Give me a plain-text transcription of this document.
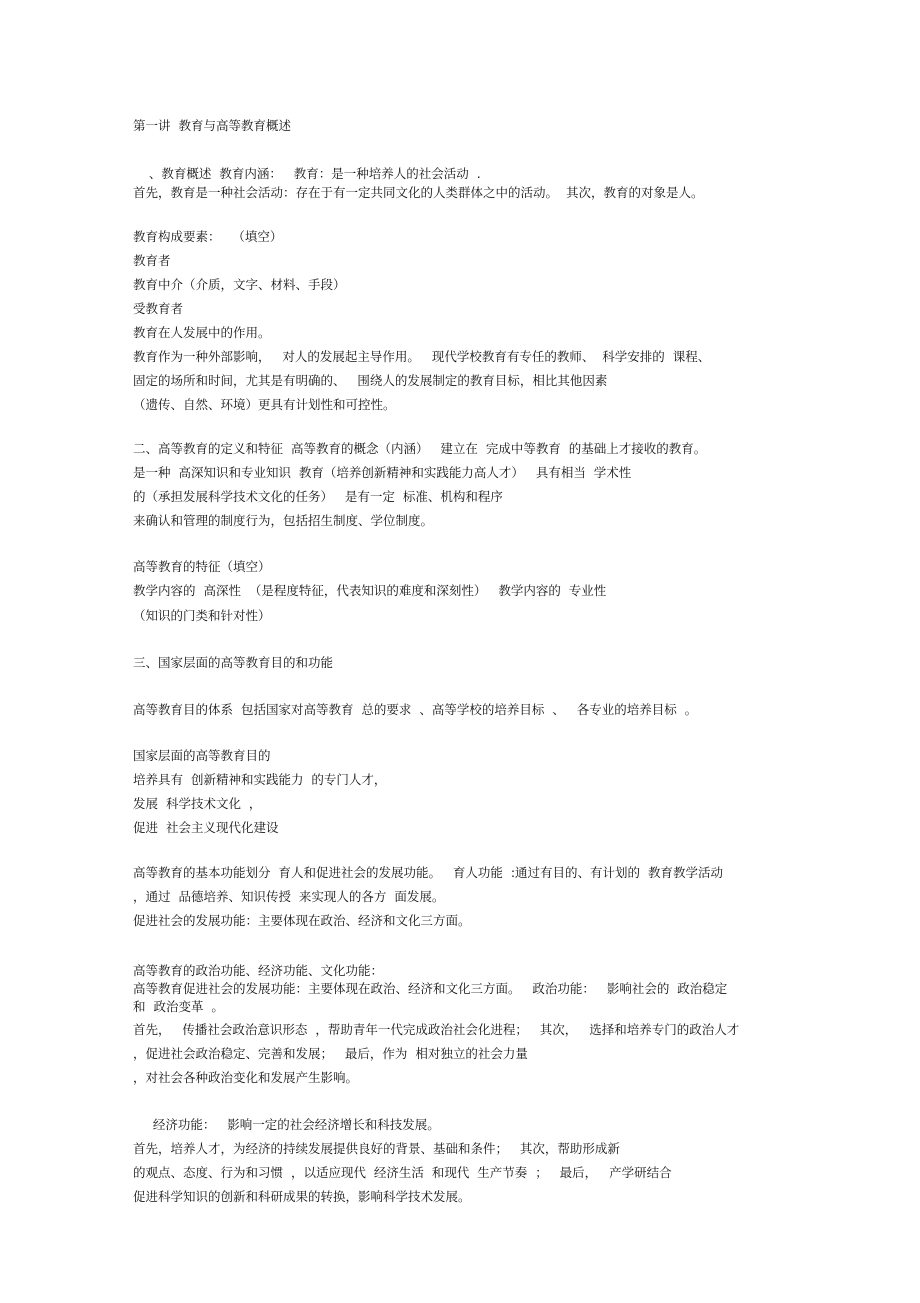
第一讲  教育与高等教育概述
、教育概述  教育内涵：   教育：是一种培养人的社会活动  .
首先，教育是一种社会活动：存在于有一定共同文化的人类群体之中的活动。  其次，教育的对象是人。
教育构成要素：   （填空）
教育者
教育中介（介质，文字、材料、手段）
受教育者
教育在人发展中的作用。
教育作为一种外部影响，   对人的发展起主导作用。   现代学校教育有专任的教师、  科学安排的  课程、
固定的场所和时间，尤其是有明确的、   围绕人的发展制定的教育目标，相比其他因素
（遗传、自然、环境）更具有计划性和可控性。
二、高等教育的定义和特征  高等教育的概念（内涵）   建立在  完成中等教育  的基础上才接收的教育。
是一种  高深知识和专业知识  教育（培养创新精神和实践能力高人才）   具有相当  学术性
的（承担发展科学技术文化的任务）   是有一定  标准、机构和程序
来确认和管理的制度行为，包括招生制度、学位制度。
高等教育的特征（填空）
教学内容的  高深性  （是程度特征，代表知识的难度和深刻性）   教学内容的  专业性
（知识的门类和针对性）
三、国家层面的高等教育目的和功能
高等教育目的体系  包括国家对高等教育  总的要求  、高等学校的培养目标  、   各专业的培养目标  。
国家层面的高等教育目的
培养具有  创新精神和实践能力  的专门人才，
发展  科学技术文化  ，
促进  社会主义现代化建设
高等教育的基本功能划分  育人和促进社会的发展功能。   育人功能  :通过有目的、有计划的  教育教学活动
，通过  品德培养、知识传授  来实现人的各方  面发展。
促进社会的发展功能：主要体现在政治、经济和文化三方面。
高等教育的政治功能、经济功能、文化功能：
高等教育促进社会的发展功能：主要体现在政治、经济和文化三方面。   政治功能：   影响社会的  政治稳定
和  政治变革  。
首先，   传播社会政治意识形态  ，帮助青年一代完成政治社会化进程；   其次，   选择和培养专门的政治人才
，促进社会政治稳定、完善和发展；   最后，作为  相对独立的社会力量
，对社会各种政治变化和发展产生影响。
经济功能：   影响一定的社会经济增长和科技发展。
首先，培养人才，为经济的持续发展提供良好的背景、基础和条件；   其次，帮助形成新
的观点、态度、行为和习惯  ，以适应现代  经济生活  和现代  生产节奏  ；   最后，   产学研结合
促进科学知识的创新和科研成果的转换，影响科学技术发展。
